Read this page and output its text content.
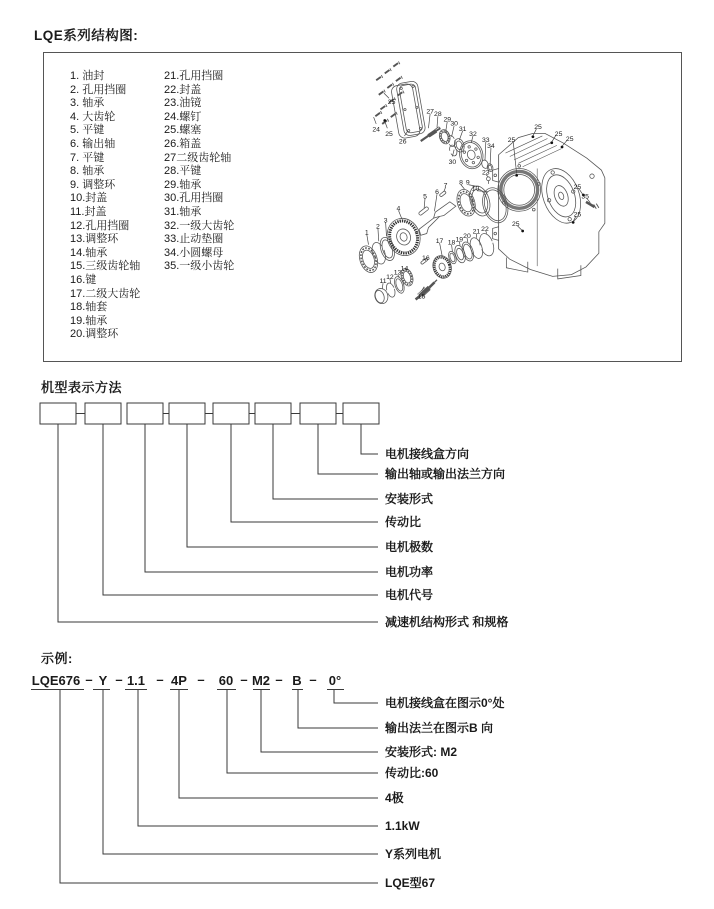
LQE系列结构图:
1. 油封
2. 孔用挡圈
3. 轴承
4. 大齿轮
5. 平键
6. 输出轴
7. 平键
8. 轴承
9. 调整环
10.封盖
11.封盖
12.孔用挡圈
13.调整环
14.轴承
15.三级齿轮轴
16.键
17.二级大齿轮
18.轴套
19.轴承
20.调整环
21.孔用挡圈
22.封盖
23.油镜
24.螺钉
25.螺塞
26.箱盖
27二级齿轮轴
28.平键
29.轴承
30.孔用挡圈
31.轴承
32.一级大齿轮
33.止动垫圈
34.小圆螺母
35.一级小齿轮
1
2
3
4
5
6
7 8 9
10
11
12
13
14
15
16
17 18 19 20
21 22
23
24
25
25
26
27 28
29
30
31
32
33
34
30
25
25
25
25
25
35
25
25
机型表示方法
电机接线盒方向
输出轴或输出法兰方向
安装形式
传动比
电机极数
电机功率
电机代号
减速机结构形式 和规格
示例:
LQE676 Y 1.1 4P 60 M2 B 0°
– –	–	–	– – –
电机接线盒在图示0°处
输出法兰在图示B 向
安装形式: M2
传动比:60
4极
1.1kW
Y系列电机
LQE型67
